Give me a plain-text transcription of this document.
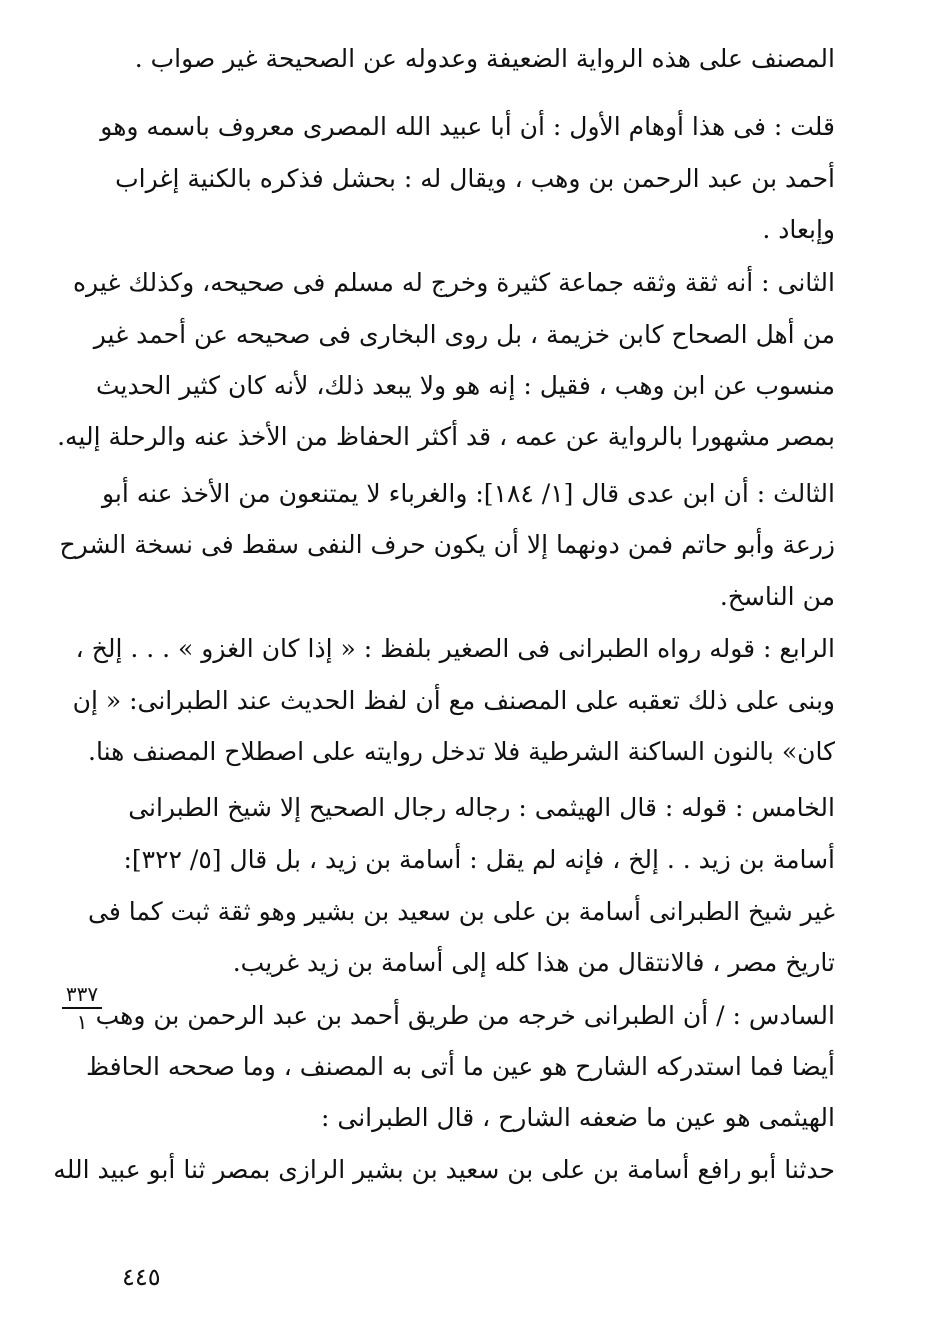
المصنف على هذه الرواية الضعيفة وعدوله عن الصحيحة غير صواب .
قلت : فى هذا أوهام الأول : أن أبا عبيد الله المصرى معروف باسمه وهو
أحمد بن عبد الرحمن بن وهب ، ويقال له : بحشل فذكره بالكنية إغراب
وإبعاد .
الثانى : أنه ثقة وثقه جماعة كثيرة وخرج له مسلم فى صحيحه، وكذلك غيره
من أهل الصحاح كابن خزيمة ، بل روى البخارى فى صحيحه عن أحمد غير
منسوب عن ابن وهب ، فقيل : إنه هو ولا يبعد ذلك، لأنه كان كثير الحديث
بمصر مشهورا بالرواية عن عمه ، قد أكثر الحفاظ من الأخذ عنه والرحلة إليه.
الثالث : أن ابن عدى قال [١/ ١٨٤]: والغرباء لا يمتنعون من الأخذ عنه أبو
زرعة وأبو حاتم فمن دونهما إلا أن يكون حرف النفى سقط فى نسخة الشرح
من الناسخ.
الرابع : قوله رواه الطبرانى فى الصغير بلفظ : « إذا كان الغزو » . . . إلخ ،
وبنى على ذلك تعقبه على المصنف مع أن لفظ الحديث عند الطبرانى: « إن
كان» بالنون الساكنة الشرطية فلا تدخل روايته على اصطلاح المصنف هنا.
الخامس : قوله : قال الهيثمى : رجاله رجال الصحيح إلا شيخ الطبرانى
أسامة بن زيد . . إلخ ، فإنه لم يقل : أسامة بن زيد ، بل قال [٥/ ٣٢٢]:
غير شيخ الطبرانى أسامة بن على بن سعيد بن بشير وهو ثقة ثبت كما فى
تاريخ مصر ، فالانتقال من هذا كله إلى أسامة بن زيد غريب.
السادس : / أن الطبرانى خرجه من طريق أحمد بن عبد الرحمن بن وهب
أيضا فما استدركه الشارح هو عين ما أتى به المصنف ، وما صححه الحافظ
الهيثمى هو عين ما ضعفه الشارح ، قال الطبرانى :
حدثنا أبو رافع أسامة بن على بن سعيد بن بشير الرازى بمصر ثنا أبو عبيد الله
٣٣٧
١
٤٤٥
